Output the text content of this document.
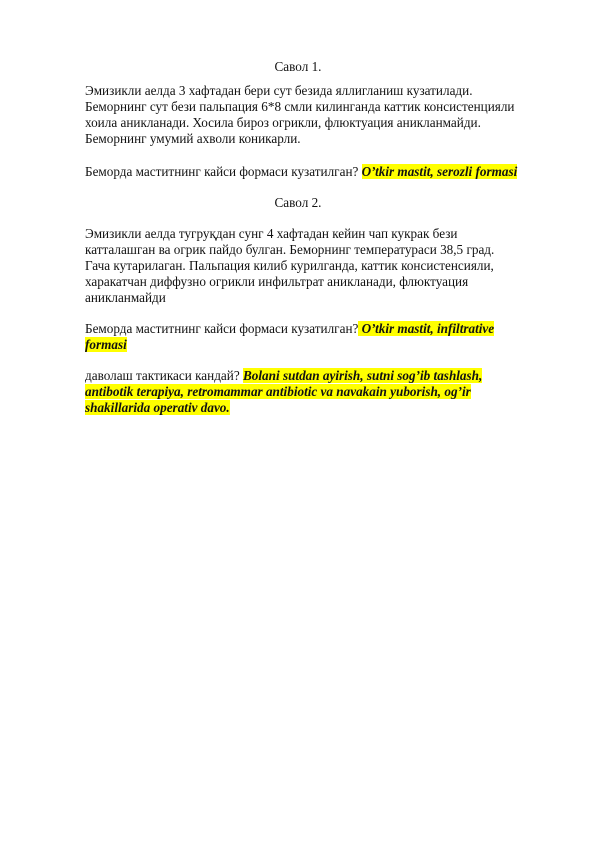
Савол 1.
Эмизикли аелда 3 хафтадан бери сут безида яллигланиш кузатилади.
Беморнинг сут бези пальпация 6*8 смли килинганда каттик консистенцияли
хоила аникланади. Хосила бироз огрикли, флюктуация аникланмайди.
Беморнинг умумий ахволи коникарли.
Беморда маститнинг кайси формаси кузатилган? O’tkir mastit, serozli formasi
Савол 2.
Эмизикли аелда тугруқдан сунг 4 хафтадан кейин чап кукрак бези
катталашган ва огрик пайдо булган. Беморнинг температураси 38,5 град.
Гача кутарилаган. Пальпация килиб курилганда, каттик консистенсияли,
харакатчан диффузно огрикли инфильтрат аникланади, флюктуация
аникланмайди
Беморда маститнинг кайси формаси кузатилган? O’tkir mastit, infiltrative
formasi
даволаш тактикаси кандай? Bolani sutdan ayirish, sutni sog’ib tashlash,
antibotik terapiya, retromammar antibiotic va navakain yuborish, og’ir
shakillarida operativ davo.
